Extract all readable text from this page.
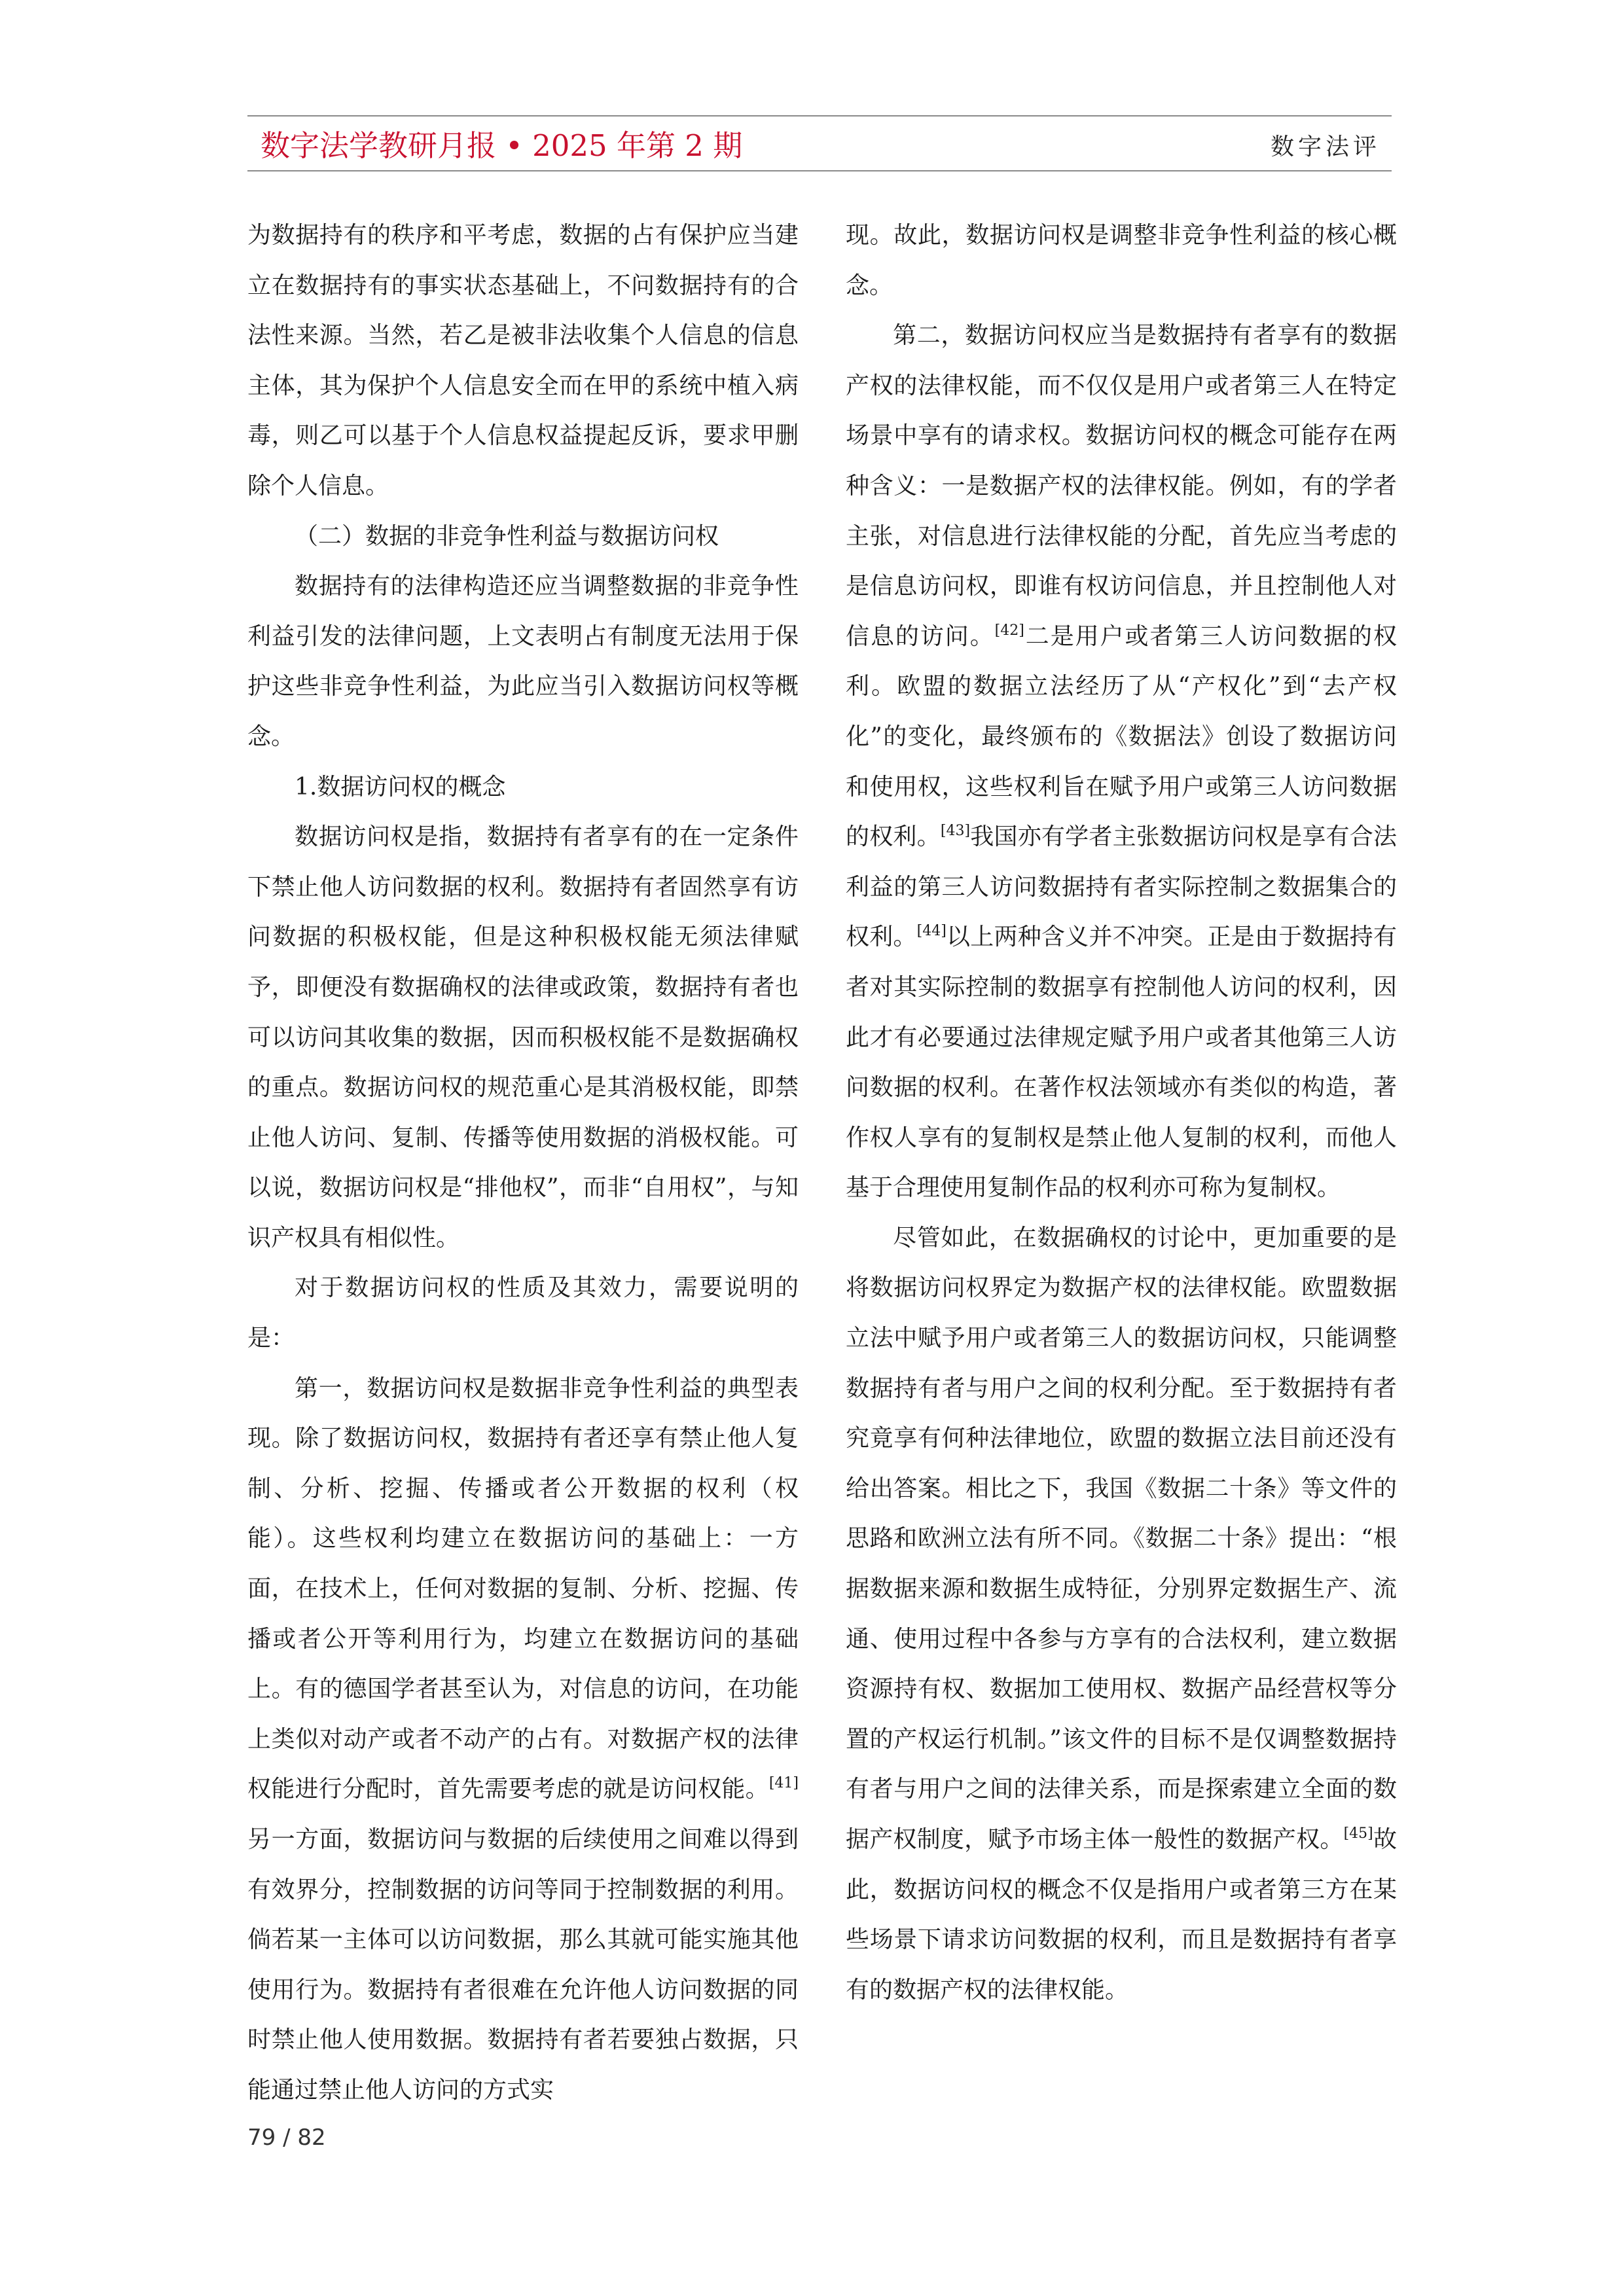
数字法学教研月报 • 2025 年第 2 期	数字法评

为数据持有的秩序和平考虑，数据的占有保护应当建立在数据持有的事实状态基础上，不问数据持有的合法性来源。当然，若乙是被非法收集个人信息的信息主体，其为保护个人信息安全而在甲的系统中植入病毒，则乙可以基于个人信息权益提起反诉，要求甲删除个人信息。

（二）数据的非竞争性利益与数据访问权

数据持有的法律构造还应当调整数据的非竞争性利益引发的法律问题，上文表明占有制度无法用于保护这些非竞争性利益，为此应当引入数据访问权等概念。

1.数据访问权的概念

数据访问权是指，数据持有者享有的在一定条件下禁止他人访问数据的权利。数据持有者固然享有访问数据的积极权能，但是这种积极权能无须法律赋予，即便没有数据确权的法律或政策，数据持有者也可以访问其收集的数据，因而积极权能不是数据确权的重点。数据访问权的规范重心是其消极权能，即禁止他人访问、复制、传播等使用数据的消极权能。可以说，数据访问权是“排他权”，而非“自用权”，与知识产权具有相似性。

对于数据访问权的性质及其效力，需要说明的是：

第一，数据访问权是数据非竞争性利益的典型表现。除了数据访问权，数据持有者还享有禁止他人复制、分析、挖掘、传播或者公开数据的权利（权能）。这些权利均建立在数据访问的基础上：一方面，在技术上，任何对数据的复制、分析、挖掘、传播或者公开等利用行为，均建立在数据访问的基础上。有的德国学者甚至认为，对信息的访问，在功能上类似对动产或者不动产的占有。对数据产权的法律权能进行分配时，首先需要考虑的就是访问权能。[41]另一方面，数据访问与数据的后续使用之间难以得到有效界分，控制数据的访问等同于控制数据的利用。倘若某一主体可以访问数据，那么其就可能实施其他使用行为。数据持有者很难在允许他人访问数据的同时禁止他人使用数据。数据持有者若要独占数据，只能通过禁止他人访问的方式实

现。故此，数据访问权是调整非竞争性利益的核心概念。

第二，数据访问权应当是数据持有者享有的数据产权的法律权能，而不仅仅是用户或者第三人在特定场景中享有的请求权。数据访问权的概念可能存在两种含义：一是数据产权的法律权能。例如，有的学者主张，对信息进行法律权能的分配，首先应当考虑的是信息访问权，即谁有权访问信息，并且控制他人对信息的访问。[42]二是用户或者第三人访问数据的权利。欧盟的数据立法经历了从“产权化”到“去产权化”的变化，最终颁布的《数据法》创设了数据访问和使用权，这些权利旨在赋予用户或第三人访问数据的权利。[43]我国亦有学者主张数据访问权是享有合法利益的第三人访问数据持有者实际控制之数据集合的权利。[44]以上两种含义并不冲突。正是由于数据持有者对其实际控制的数据享有控制他人访问的权利，因此才有必要通过法律规定赋予用户或者其他第三人访问数据的权利。在著作权法领域亦有类似的构造，著作权人享有的复制权是禁止他人复制的权利，而他人基于合理使用复制作品的权利亦可称为复制权。

尽管如此，在数据确权的讨论中，更加重要的是将数据访问权界定为数据产权的法律权能。欧盟数据立法中赋予用户或者第三人的数据访问权，只能调整数据持有者与用户之间的权利分配。至于数据持有者究竟享有何种法律地位，欧盟的数据立法目前还没有给出答案。相比之下，我国《数据二十条》等文件的思路和欧洲立法有所不同。《数据二十条》提出：“根据数据来源和数据生成特征，分别界定数据生产、流通、使用过程中各参与方享有的合法权利，建立数据资源持有权、数据加工使用权、数据产品经营权等分置的产权运行机制。”该文件的目标不是仅调整数据持有者与用户之间的法律关系，而是探索建立全面的数据产权制度，赋予市场主体一般性的数据产权。[45]故此，数据访问权的概念不仅是指用户或者第三方在某些场景下请求访问数据的权利，而且是数据持有者享有的数据产权的法律权能。

79 / 82
